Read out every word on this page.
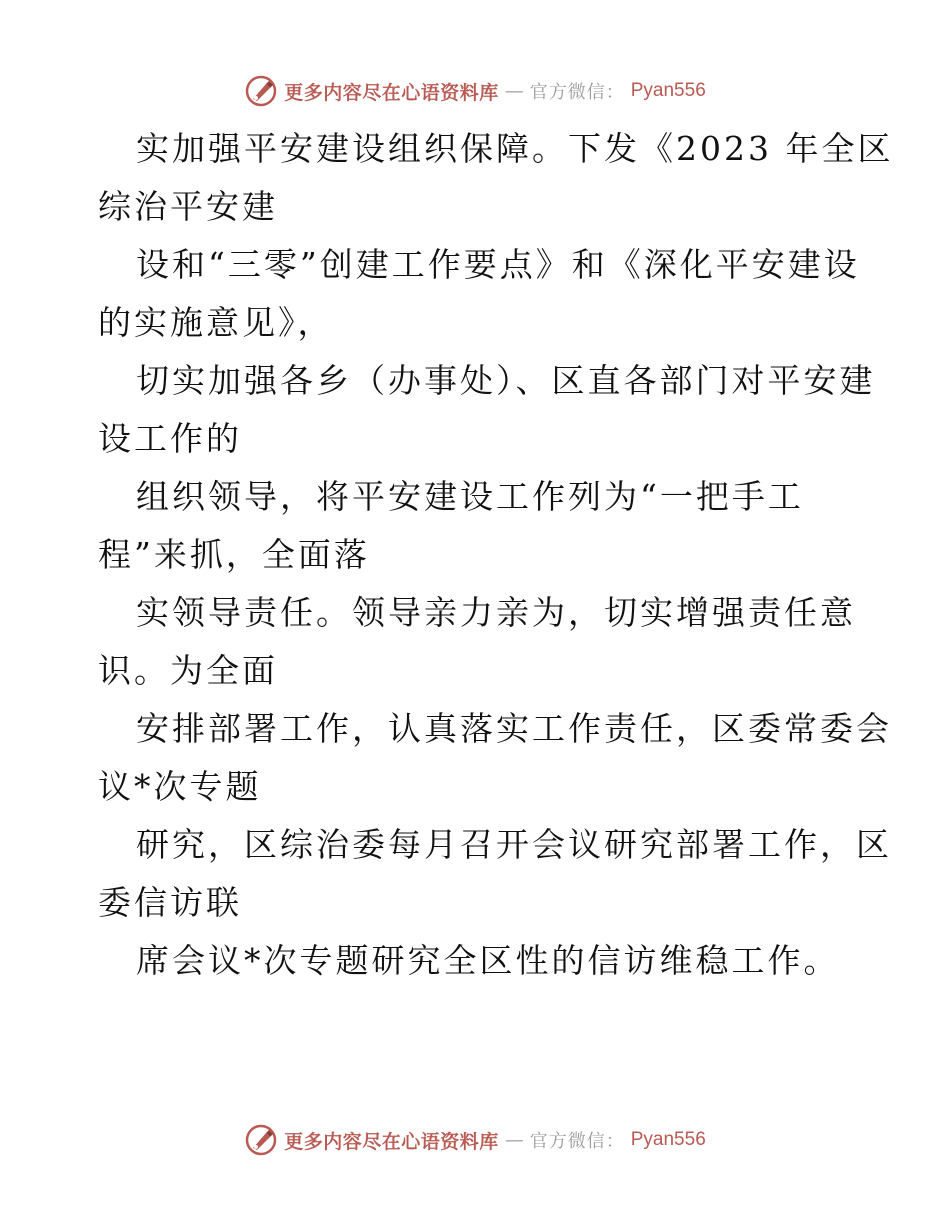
更多内容尽在心语资料库 — 官方微信： Pyan556

实加强平安建设组织保障。下发《2023 年全区
综治平安建

设和“三零”创建工作要点》和《深化平安建设
的实施意见》，

切实加强各乡（办事处）、区直各部门对平安建
设工作的

组织领导，将平安建设工作列为“一把手工
程”来抓，全面落

实领导责任。领导亲力亲为，切实增强责任意
识。为全面

安排部署工作，认真落实工作责任，区委常委会
议*次专题

研究，区综治委每月召开会议研究部署工作，区
委信访联

席会议*次专题研究全区性的信访维稳工作。

更多内容尽在心语资料库 — 官方微信： Pyan556
